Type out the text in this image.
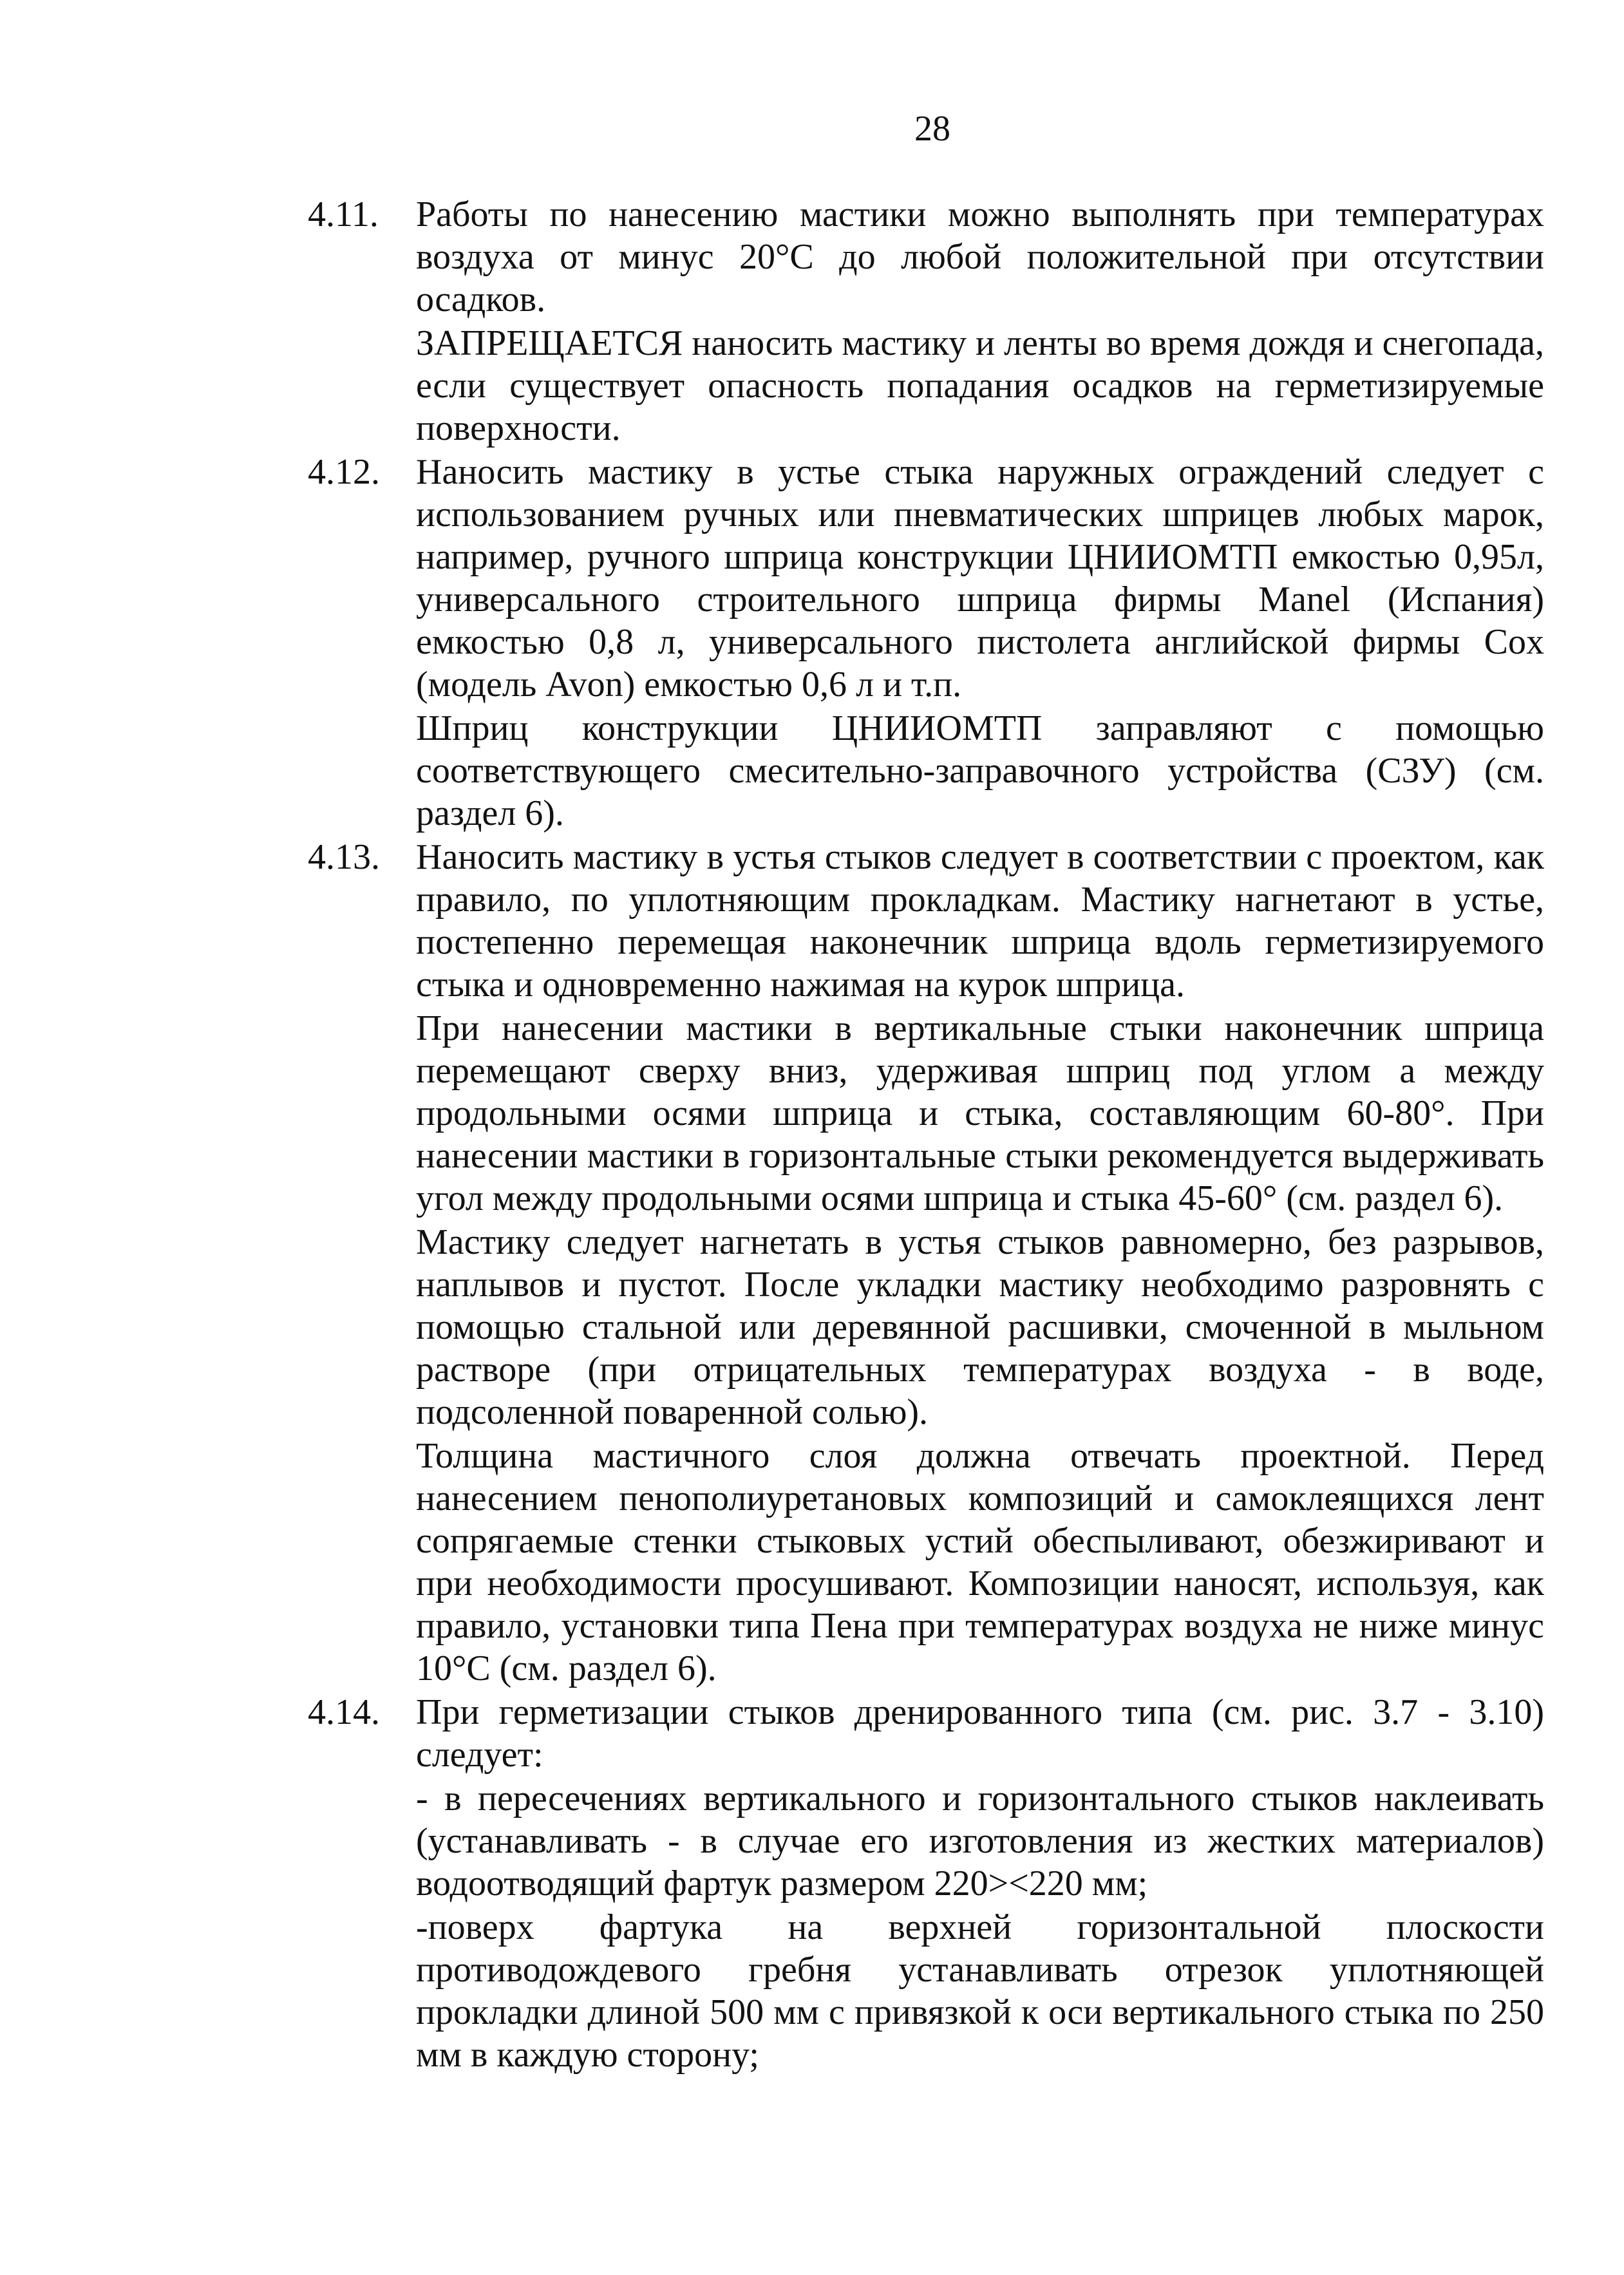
28
4.11. Работы по нанесению мастики можно выполнять при температурах воздуха от минус 20°С до любой положительной при отсутствии осадков.

ЗАПРЕЩАЕТСЯ наносить мастику и ленты во время дождя и снегопада, если существует опасность попадания осадков на герметизируемые поверхности.

4.12. Наносить мастику в устье стыка наружных ограждений следует с использованием ручных или пневматических шприцев любых марок, например, ручного шприца конструкции ЦНИИОМТП емкостью 0,95л, универсального строительного шприца фирмы Manel (Испания) емкостью 0,8 л, универсального пистолета английской фирмы Cox (модель Avon) емкостью 0,6 л и т.п.

Шприц конструкции ЦНИИОМТП заправляют с помощью соответствующего смесительно-заправочного устройства (СЗУ) (см. раздел 6).

4.13. Наносить мастику в устья стыков следует в соответствии с проектом, как правило, по уплотняющим прокладкам. Мастику нагнетают в устье, постепенно перемещая наконечник шприца вдоль герметизируемого стыка и одновременно нажимая на курок шприца.

При нанесении мастики в вертикальные стыки наконечник шприца перемещают сверху вниз, удерживая шприц под углом а между продольными осями шприца и стыка, составляющим 60-80°. При нанесении мастики в горизонтальные стыки рекомендуется выдерживать угол между продольными осями шприца и стыка 45-60° (см. раздел 6).

Мастику следует нагнетать в устья стыков равномерно, без разрывов, наплывов и пустот. После укладки мастику необходимо разровнять с помощью стальной или деревянной расшивки, смоченной в мыльном растворе (при отрицательных температурах воздуха - в воде, подсоленной поваренной солью).

Толщина мастичного слоя должна отвечать проектной. Перед нанесением пенополиуретановых композиций и самоклеящихся лент сопрягаемые стенки стыковых устий обеспыливают, обезжиривают и при необходимости просушивают. Композиции наносят, используя, как правило, установки типа Пена при температурах воздуха не ниже минус 10°С (см. раздел 6).

4.14. При герметизации стыков дренированного типа (см. рис. 3.7 - 3.10) следует:

- в пересечениях вертикального и горизонтального стыков наклеивать (устанавливать - в случае его изготовления из жестких материалов) водоотводящий фартук размером 220><220 мм;

-поверх фартука на верхней горизонтальной плоскости противодождевого гребня устанавливать отрезок уплотняющей прокладки длиной 500 мм с привязкой к оси вертикального стыка по 250 мм в каждую сторону;
